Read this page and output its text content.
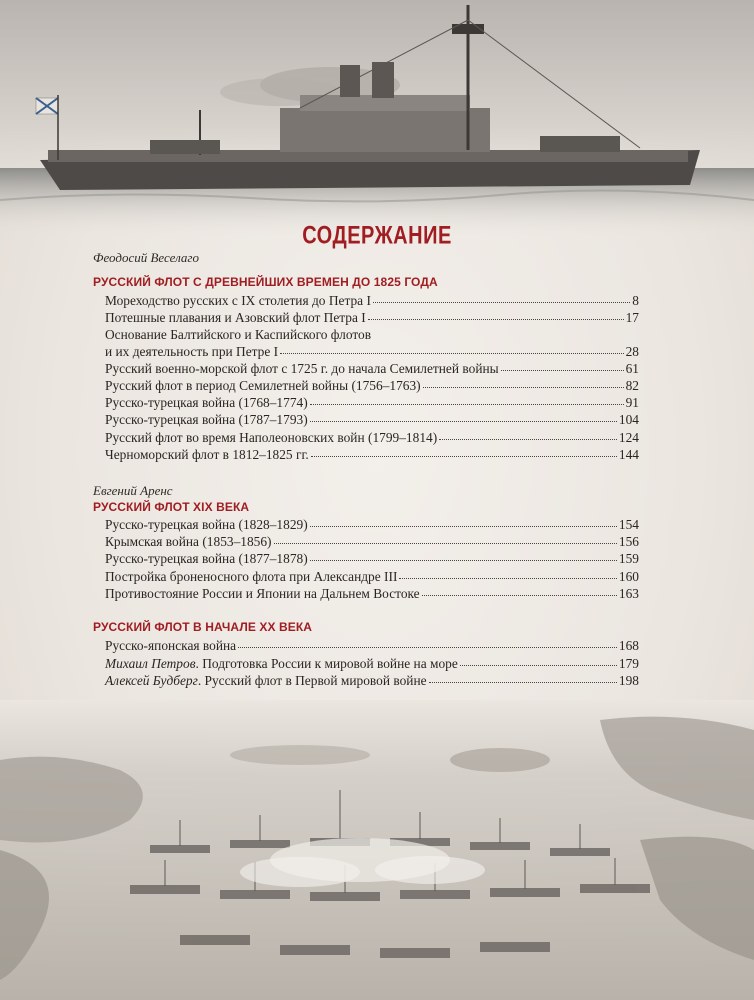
СОДЕРЖАНИЕ
Феодосий Веселаго
РУССКИЙ ФЛОТ С ДРЕВНЕЙШИХ ВРЕМЕН ДО 1825 ГОДА
Мореходство русских с IX столетия до Петра I	8
Потешные плавания и Азовский флот Петра I	17
Основание Балтийского и Каспийского флотов
и их деятельность при Петре I	28
Русский военно-морской флот с 1725 г. до начала Семилетней войны	61
Русский флот в период Семилетней войны (1756–1763)	82
Русско-турецкая война (1768–1774)	91
Русско-турецкая война (1787–1793)	104
Русский флот во время Наполеоновских войн (1799–1814)	124
Черноморский флот в 1812–1825 гг.	144
Евгений Аренс
РУССКИЙ ФЛОТ XIX ВЕКА
Русско-турецкая война (1828–1829)	154
Крымская война (1853–1856)	156
Русско-турецкая война (1877–1878)	159
Постройка броненосного флота при Александре III	160
Противостояние России и Японии на Дальнем Востоке	163
РУССКИЙ ФЛОТ В НАЧАЛЕ XX ВЕКА
Русско-японская война	168
Михаил Петров. Подготовка России к мировой войне на море	179
Алексей Будберг. Русский флот в Первой мировой войне	198
